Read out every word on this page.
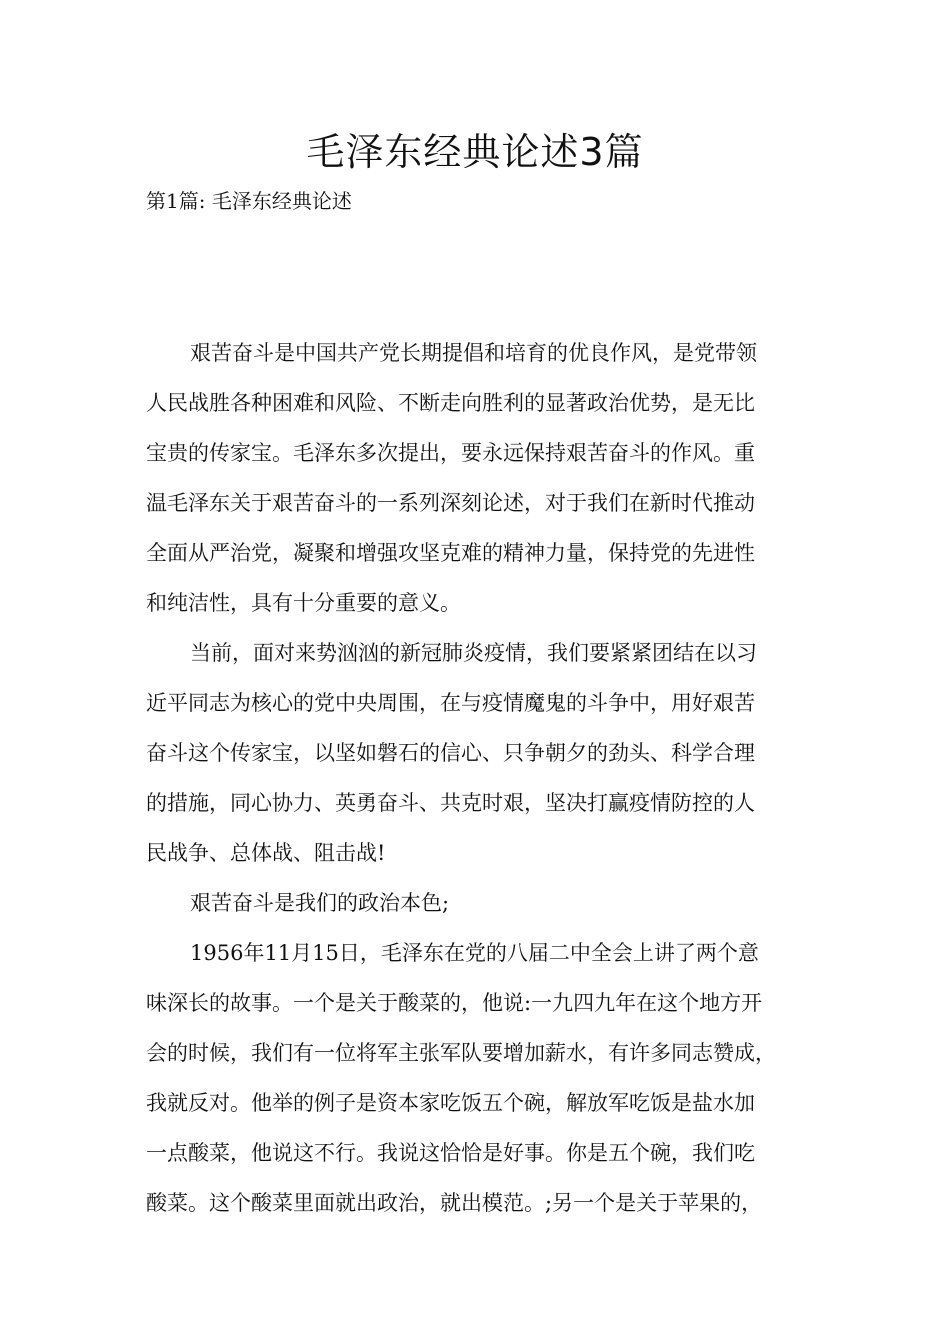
毛泽东经典论述3篇

第1篇: 毛泽东经典论述

艰苦奋斗是中国共产党长期提倡和培育的优良作风，是党带领
人民战胜各种困难和风险、不断走向胜利的显著政治优势，是无比
宝贵的传家宝。毛泽东多次提出，要永远保持艰苦奋斗的作风。重
温毛泽东关于艰苦奋斗的一系列深刻论述，对于我们在新时代推动
全面从严治党，凝聚和增强攻坚克难的精神力量，保持党的先进性
和纯洁性，具有十分重要的意义。

当前，面对来势汹汹的新冠肺炎疫情，我们要紧紧团结在以习
近平同志为核心的党中央周围，在与疫情魔鬼的斗争中，用好艰苦
奋斗这个传家宝，以坚如磐石的信心、只争朝夕的劲头、科学合理
的措施，同心协力、英勇奋斗、共克时艰，坚决打赢疫情防控的人
民战争、总体战、阻击战!

艰苦奋斗是我们的政治本色;

1956年11月15日，毛泽东在党的八届二中全会上讲了两个意
味深长的故事。一个是关于酸菜的，他说:一九四九年在这个地方开
会的时候，我们有一位将军主张军队要增加薪水，有许多同志赞成，
我就反对。他举的例子是资本家吃饭五个碗，解放军吃饭是盐水加
一点酸菜，他说这不行。我说这恰恰是好事。你是五个碗，我们吃
酸菜。这个酸菜里面就出政治，就出模范。;另一个是关于苹果的，
